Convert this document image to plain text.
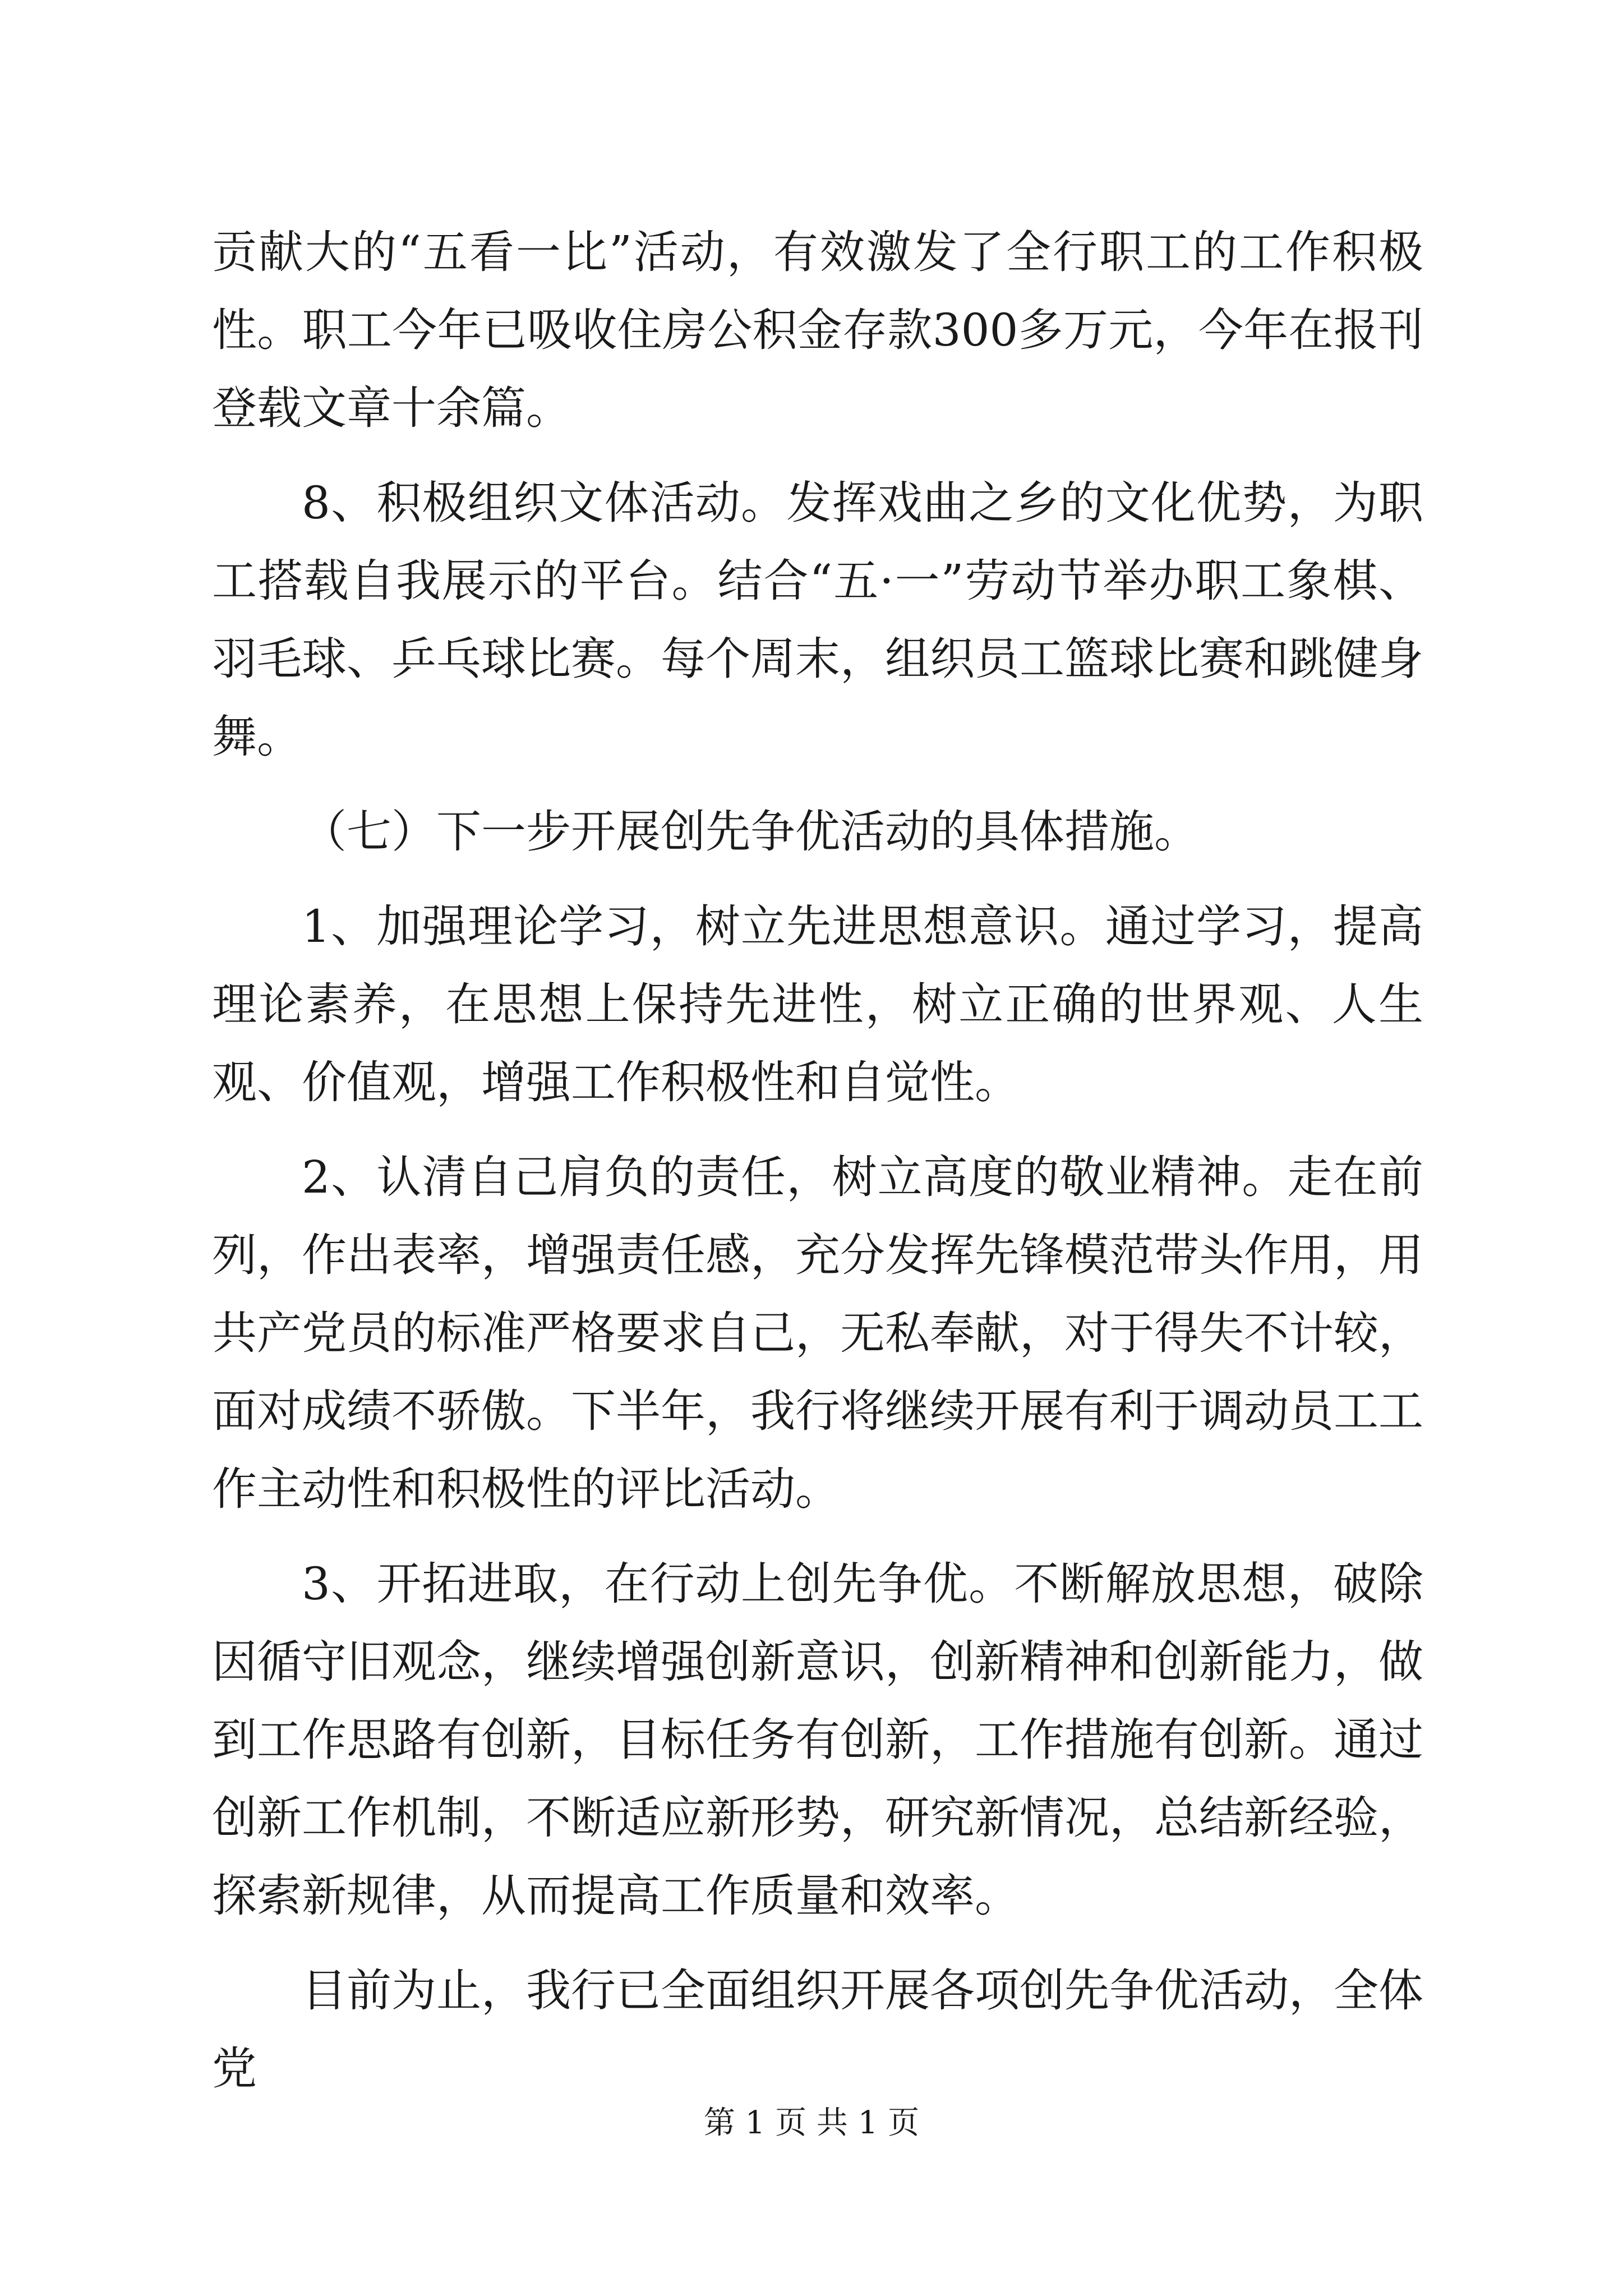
贡献大的“五看一比”活动，有效激发了全行职工的工作积极性。职工今年已吸收住房公积金存款300多万元，今年在报刊登载文章十余篇。

8、积极组织文体活动。发挥戏曲之乡的文化优势，为职工搭载自我展示的平台。结合“五·一”劳动节举办职工象棋、羽毛球、乒乓球比赛。每个周末，组织员工篮球比赛和跳健身舞。

（七）下一步开展创先争优活动的具体措施。

1、加强理论学习，树立先进思想意识。通过学习，提高理论素养，在思想上保持先进性，树立正确的世界观、人生观、价值观，增强工作积极性和自觉性。

2、认清自己肩负的责任，树立高度的敬业精神。走在前列，作出表率，增强责任感，充分发挥先锋模范带头作用，用共产党员的标准严格要求自己，无私奉献，对于得失不计较，面对成绩不骄傲。下半年，我行将继续开展有利于调动员工工作主动性和积极性的评比活动。

3、开拓进取，在行动上创先争优。不断解放思想，破除因循守旧观念，继续增强创新意识，创新精神和创新能力，做到工作思路有创新，目标任务有创新，工作措施有创新。通过创新工作机制，不断适应新形势，研究新情况，总结新经验，探索新规律，从而提高工作质量和效率。

目前为止，我行已全面组织开展各项创先争优活动，全体党

第 1 页 共 1 页
